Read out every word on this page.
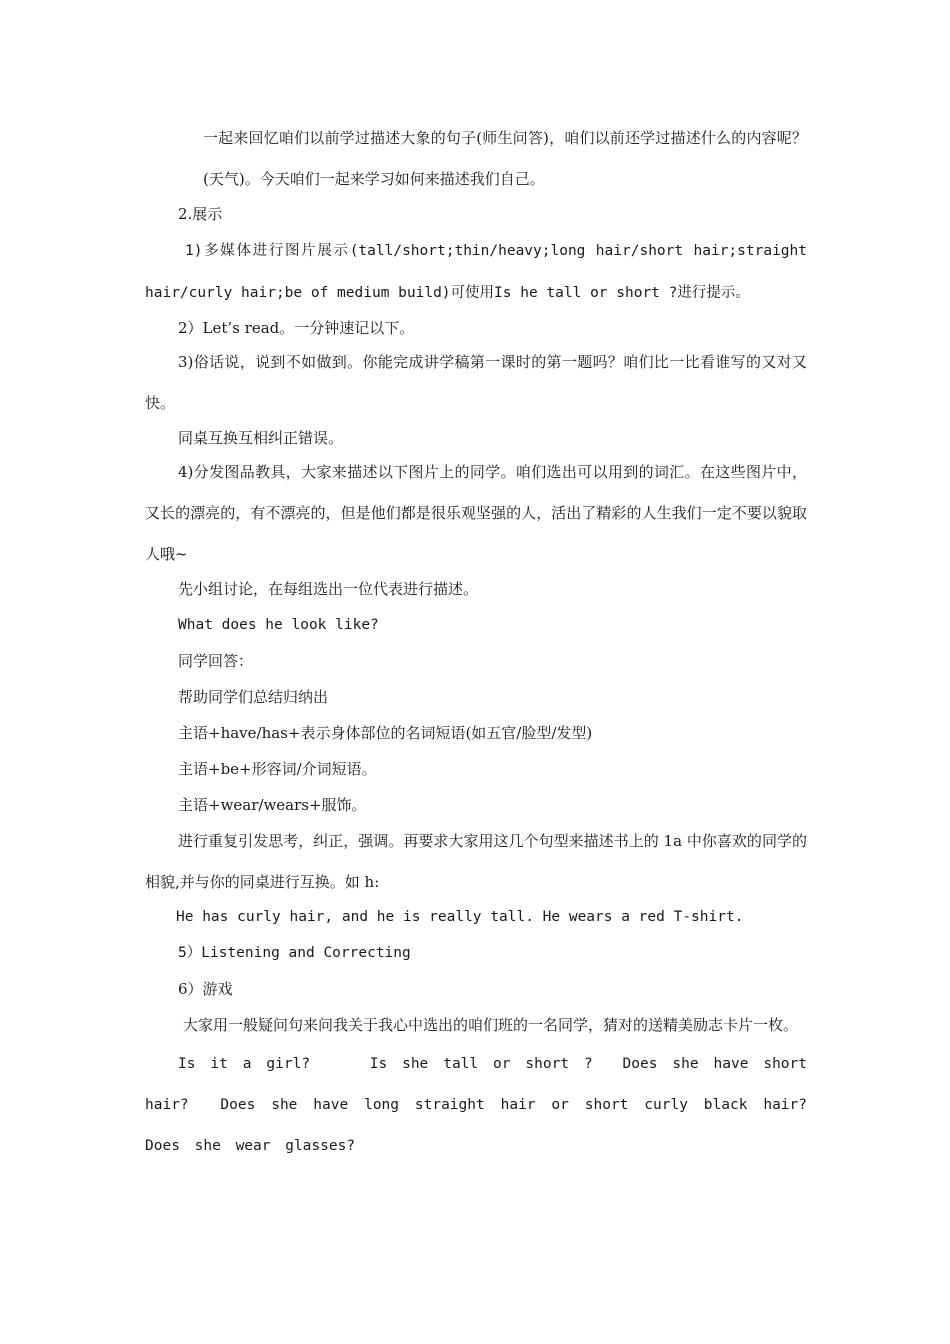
一起来回忆咱们以前学过描述大象的句子(师生问答)，咱们以前还学过描述什么的内容呢？(天气)。今天咱们一起来学习如何来描述我们自己。

2.展示

1)多媒体进行图片展示(tall/short;thin/heavy;long hair/short hair;straight hair/curly hair;be of medium build)可使用Is he tall or short ?进行提示。

2）Let’s read。一分钟速记以下。

3)俗话说，说到不如做到。你能完成讲学稿第一课时的第一题吗？咱们比一比看谁写的又对又快。

同桌互换互相纠正错误。

4)分发图品教具，大家来描述以下图片上的同学。咱们选出可以用到的词汇。在这些图片中，又长的漂亮的，有不漂亮的，但是他们都是很乐观坚强的人，活出了精彩的人生我们一定不要以貌取人哦~

先小组讨论，在每组选出一位代表进行描述。

What does he look like?

同学回答：

帮助同学们总结归纳出

主语+have/has+表示身体部位的名词短语(如五官/脸型/发型)

主语+be+形容词/介词短语。

主语+wear/wears+服饰。

进行重复引发思考，纠正，强调。再要求大家用这几个句型来描述书上的 1a 中你喜欢的同学的相貌,并与你的同桌进行互换。如 h:

He has curly hair, and he is really tall. He wears a red T-shirt.

5）Listening and Correcting

6）游戏

大家用一般疑问句来问我关于我心中选出的咱们班的一名同学，猜对的送精美励志卡片一枚。

Is it a girl?    Is she tall or short ?  Does she have short hair?  Does she have long straight hair or short curly black hair?      Does she wear glasses?
